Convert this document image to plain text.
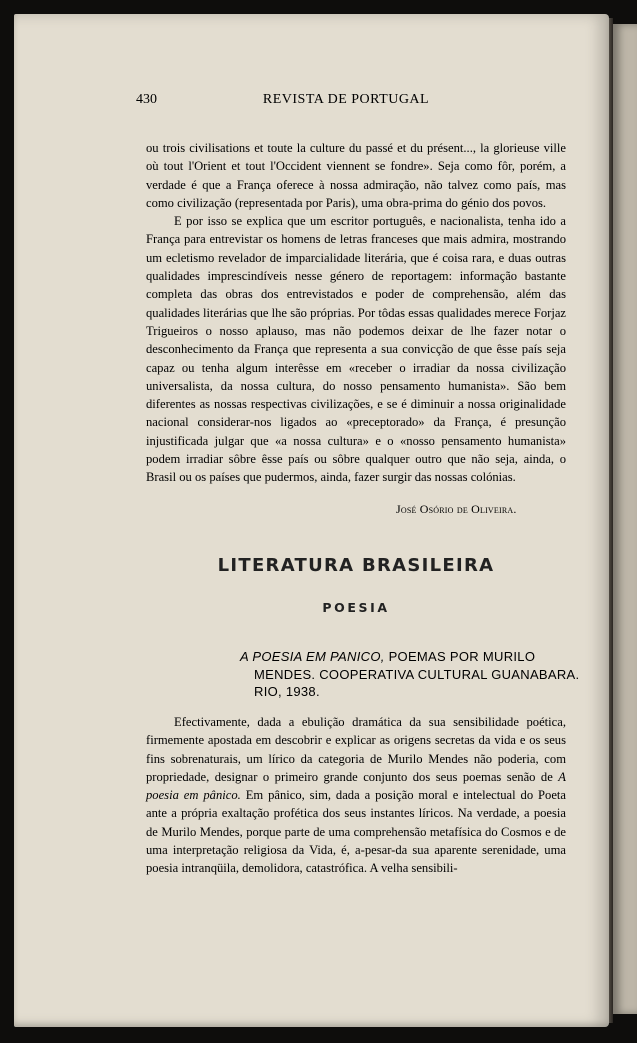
430	REVISTA DE PORTUGAL

ou trois civilisations et toute la culture du passé et du présent..., la glorieuse ville où tout l'Orient et tout l'Occident viennent se fondre». Seja como fôr, porém, a verdade é que a França oferece à nossa admiração, não talvez como país, mas como civilização (representada por Paris), uma obra-prima do génio dos povos.

E por isso se explica que um escritor português, e nacionalista, tenha ido a França para entrevistar os homens de letras franceses que mais admira, mostrando um ecletismo revelador de imparcialidade literária, que é coisa rara, e duas outras qualidades imprescindíveis nesse género de reportagem: informação bastante completa das obras dos entrevistados e poder de comprehensão, além das qualidades literárias que lhe são próprias. Por tôdas essas qualidades merece Forjaz Trigueiros o nosso aplauso, mas não podemos deixar de lhe fazer notar o desconhecimento da França que representa a sua convicção de que êsse país seja capaz ou tenha algum interêsse em «receber o irradiar da nossa civilização universalista, da nossa cultura, do nosso pensamento humanista». São bem diferentes as nossas respectivas civilizações, e se é diminuir a nossa originalidade nacional considerar-nos ligados ao «preceptorado» da França, é presunção injustificada julgar que «a nossa cultura» e o «nosso pensamento humanista» podem irradiar sôbre êsse país ou sôbre qualquer outro que não seja, ainda, o Brasil ou os países que pudermos, ainda, fazer surgir das nossas colónias.

José Osório de Oliveira.
LITERATURA BRASILEIRA
POESIA
A POESIA EM PANICO, POEMAS POR MURILO MENDES. COOPERATIVA CULTURAL GUANABARA. RIO, 1938.

Efectivamente, dada a ebulição dramática da sua sensibilidade poética, firmemente apostada em descobrir e explicar as origens secretas da vida e os seus fins sobrenaturais, um lírico da categoria de Murilo Mendes não poderia, com propriedade, designar o primeiro grande conjunto dos seus poemas senão de A poesia em pânico. Em pânico, sim, dada a posição moral e intelectual do Poeta ante a própria exaltação profética dos seus instantes líricos. Na verdade, a poesia de Murilo Mendes, porque parte de uma comprehensão metafísica do Cosmos e de uma interpretação religiosa da Vida, é, a-pesar-da sua aparente serenidade, uma poesia intranqüila, demolidora, catastrófica. A velha sensibili-
